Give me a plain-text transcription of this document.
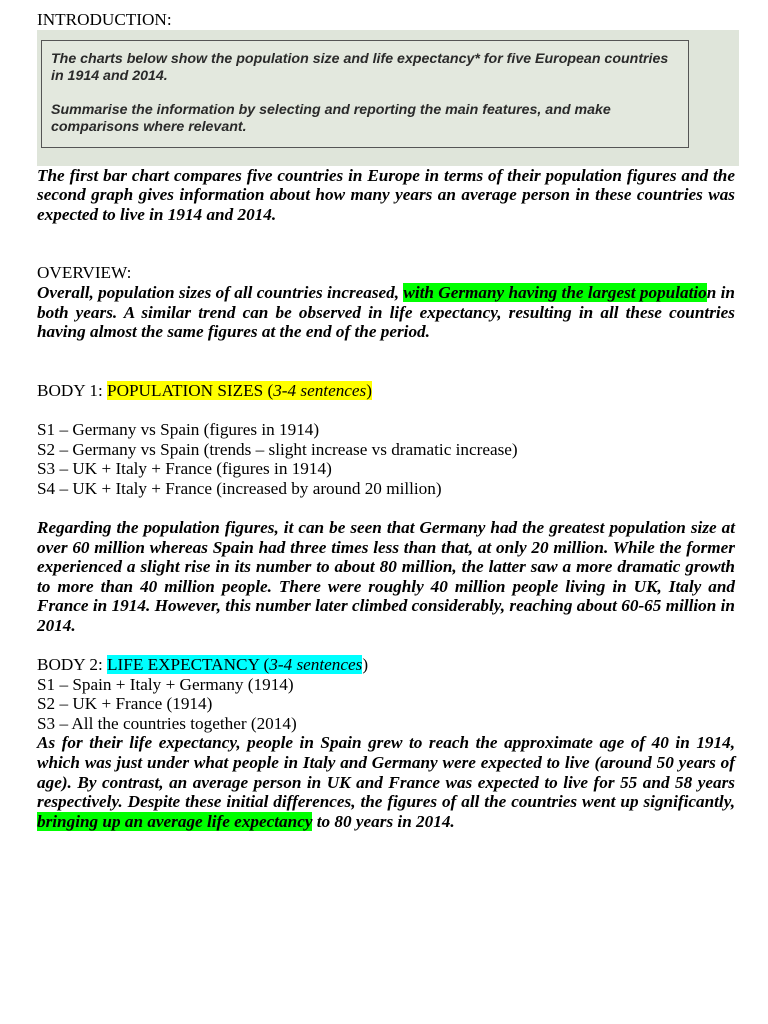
INTRODUCTION:

The charts below show the population size and life expectancy* for five European countries in 1914 and 2014.

Summarise the information by selecting and reporting the main features, and make comparisons where relevant.

The first bar chart compares five countries in Europe in terms of their population figures and the second graph gives information about how many years an average person in these countries was expected to live in 1914 and 2014.

OVERVIEW:

Overall, population sizes of all countries increased, with Germany having the largest population in both years. A similar trend can be observed in life expectancy, resulting in all these countries having almost the same figures at the end of the period.

BODY 1: POPULATION SIZES (3-4 sentences)

S1 – Germany vs Spain (figures in 1914)

S2 – Germany vs Spain (trends – slight increase vs dramatic increase)

S3 – UK + Italy + France (figures in 1914)

S4 – UK + Italy + France (increased by around 20 million)

Regarding the population figures, it can be seen that Germany had the greatest population size at over 60 million whereas Spain had three times less than that, at only 20 million. While the former experienced a slight rise in its number to about 80 million, the latter saw a more dramatic growth to more than 40 million people. There were roughly 40 million people living in UK, Italy and France in 1914. However, this number later climbed considerably, reaching about 60-65 million in 2014.

BODY 2: LIFE EXPECTANCY (3-4 sentences)

S1 – Spain + Italy + Germany (1914)

S2 – UK + France (1914)

S3 – All the countries together (2014)

As for their life expectancy, people in Spain grew to reach the approximate age of 40 in 1914, which was just under what people in Italy and Germany were expected to live (around 50 years of age). By contrast, an average person in UK and France was expected to live for 55 and 58 years respectively. Despite these initial differences, the figures of all the countries went up significantly, bringing up an average life expectancy to 80 years in 2014.
